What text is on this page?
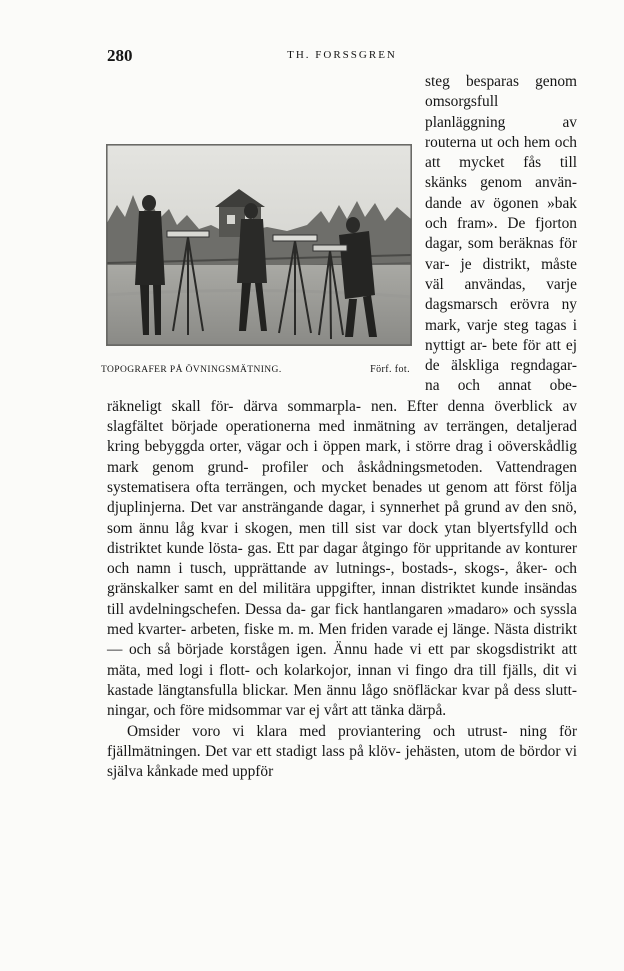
280	TH. FORSSGREN
TOPOGRAFER PÅ ÖVNINGSMÄTNING.	Förf. fot.

steg besparas genom omsorgsfull planläggning av routerna ut och hem och att mycket fås till skänks genom använ- dande av ögonen »bak och fram». De fjorton dagar, som beräknas för var- je distrikt, måste väl användas, varje dagsmarsch erövra ny mark, varje steg tagas i nyttigt ar- bete för att ej de älskliga regndagar- na och annat obe- räkneligt skall för- därva sommarpla- nen. Efter denna överblick av slagfältet började operationerna med inmätning av terrängen, detaljerad kring bebyggda orter, vägar och i öppen mark, i större drag i oöverskådlig mark genom grund- profiler och åskådningsmetoden. Vattendragen systematisera ofta terrängen, och mycket benades ut genom att först följa djuplinjerna. Det var ansträngande dagar, i synnerhet på grund av den snö, som ännu låg kvar i skogen, men till sist var dock ytan blyertsfylld och distriktet kunde lösta- gas. Ett par dagar åtgingo för uppritande av konturer och namn i tusch, upprättande av lutnings-, bostads-, skogs-, åker- och gränskalker samt en del militära uppgifter, innan distriktet kunde insändas till avdelningschefen. Dessa da- gar fick hantlangaren »madaro» och syssla med kvarter- arbeten, fiske m. m. Men friden varade ej länge. Nästa distrikt — och så började korstågen igen. Ännu hade vi ett par skogsdistrikt att mäta, med logi i flott- och kolarkojor, innan vi fingo dra till fjälls, dit vi kastade längtansfulla blickar. Men ännu lågo snöfläckar kvar på dess slutt- ningar, och före midsommar var ej vårt att tänka därpå.

Omsider voro vi klara med proviantering och utrust- ning för fjällmätningen. Det var ett stadigt lass på klöv- jehästen, utom de bördor vi själva kånkade med uppför
